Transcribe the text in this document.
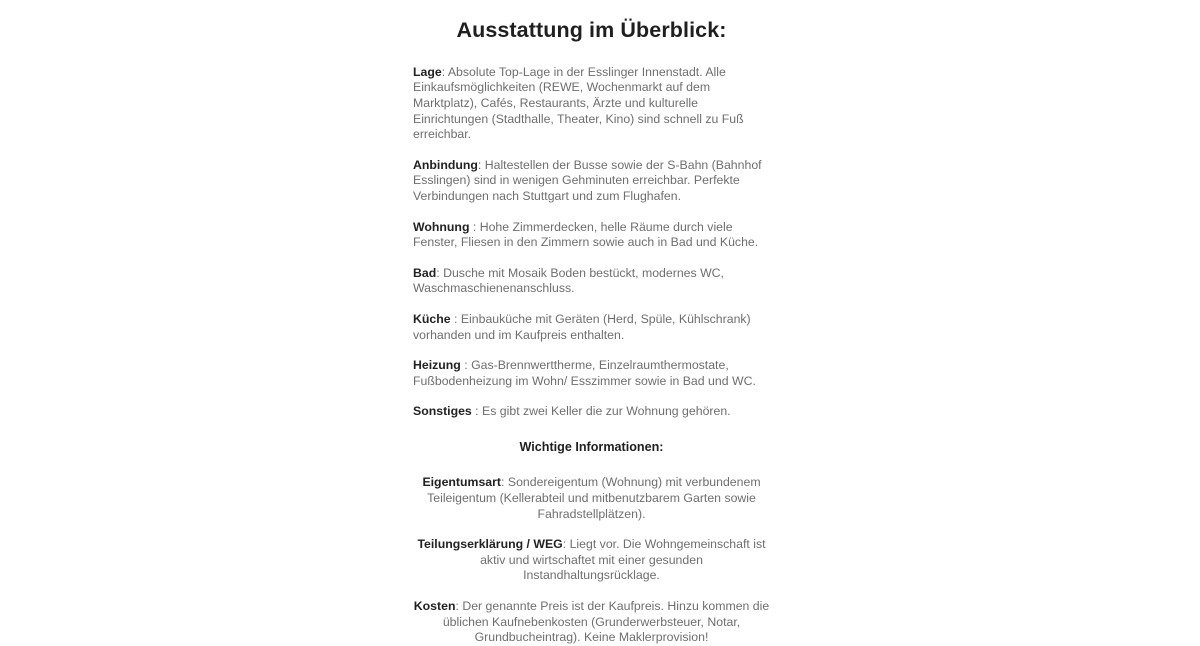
Ausstattung im Überblick:

Lage: Absolute Top-Lage in der Esslinger Innenstadt. Alle Einkaufsmöglichkeiten (REWE, Wochenmarkt auf dem Marktplatz), Cafés, Restaurants, Ärzte und kulturelle Einrichtungen (Stadthalle, Theater, Kino) sind schnell zu Fuß erreichbar.

Anbindung: Haltestellen der Busse sowie der S-Bahn (Bahnhof Esslingen) sind in wenigen Gehminuten erreichbar. Perfekte Verbindungen nach Stuttgart und zum Flughafen.

Wohnung : Hohe Zimmerdecken, helle Räume durch viele Fenster, Fliesen in den Zimmern sowie auch in Bad und Küche.

Bad: Dusche mit Mosaik Boden bestückt, modernes WC, Waschmaschienenanschluss.

Küche : Einbauküche mit Geräten (Herd, Spüle, Kühlschrank) vorhanden und im Kaufpreis enthalten.

Heizung : Gas-Brennwerttherme, Einzelraumthermostate, Fußbodenheizung im Wohn/ Esszimmer sowie in Bad und WC.

Sonstiges : Es gibt zwei Keller die zur Wohnung gehören.

Wichtige Informationen:

Eigentumsart: Sondereigentum (Wohnung) mit verbundenem Teileigentum (Kellerabteil und mitbenutzbarem Garten sowie Fahradstellplätzen).

Teilungserklärung / WEG: Liegt vor. Die Wohngemeinschaft ist aktiv und wirtschaftet mit einer gesunden Instandhaltungsrücklage.

Kosten: Der genannte Preis ist der Kaufpreis. Hinzu kommen die üblichen Kaufnebenkosten (Grunderwerbsteuer, Notar, Grundbucheintrag). Keine Maklerprovision!
